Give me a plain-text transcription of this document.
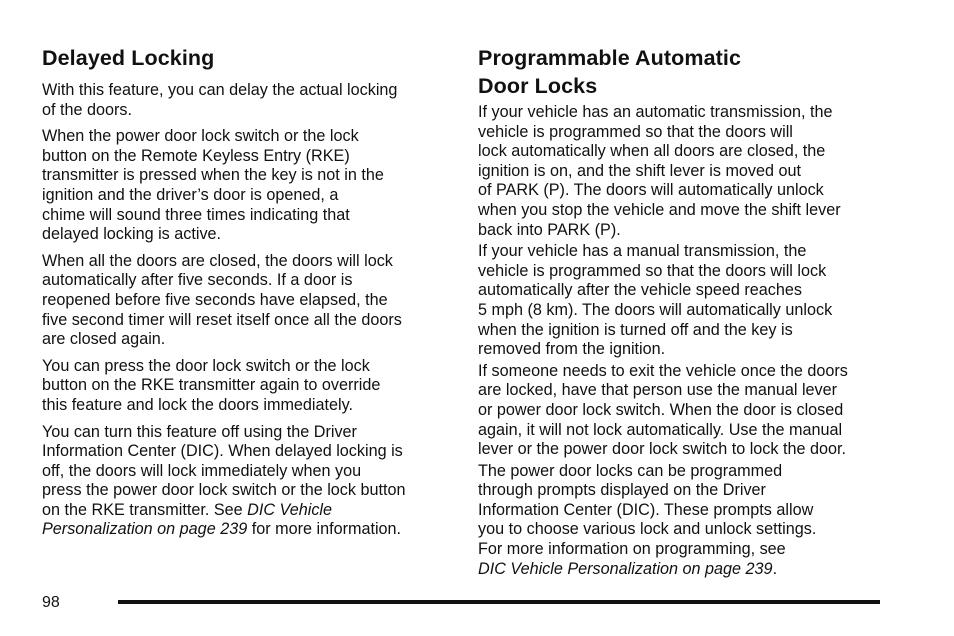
Delayed Locking

With this feature, you can delay the actual locking
of the doors.

When the power door lock switch or the lock
button on the Remote Keyless Entry (RKE)
transmitter is pressed when the key is not in the
ignition and the driver’s door is opened, a
chime will sound three times indicating that
delayed locking is active.

When all the doors are closed, the doors will lock
automatically after five seconds. If a door is
reopened before five seconds have elapsed, the
five second timer will reset itself once all the doors
are closed again.

You can press the door lock switch or the lock
button on the RKE transmitter again to override
this feature and lock the doors immediately.

You can turn this feature off using the Driver
Information Center (DIC). When delayed locking is
off, the doors will lock immediately when you
press the power door lock switch or the lock button
on the RKE transmitter. See DIC Vehicle
Personalization on page 239 for more information.

Programmable Automatic
Door Locks

If your vehicle has an automatic transmission, the
vehicle is programmed so that the doors will
lock automatically when all doors are closed, the
ignition is on, and the shift lever is moved out
of PARK (P). The doors will automatically unlock
when you stop the vehicle and move the shift lever
back into PARK (P).

If your vehicle has a manual transmission, the
vehicle is programmed so that the doors will lock
automatically after the vehicle speed reaches
5 mph (8 km). The doors will automatically unlock
when the ignition is turned off and the key is
removed from the ignition.

If someone needs to exit the vehicle once the doors
are locked, have that person use the manual lever
or power door lock switch. When the door is closed
again, it will not lock automatically. Use the manual
lever or the power door lock switch to lock the door.

The power door locks can be programmed
through prompts displayed on the Driver
Information Center (DIC). These prompts allow
you to choose various lock and unlock settings.
For more information on programming, see
DIC Vehicle Personalization on page 239.

98
